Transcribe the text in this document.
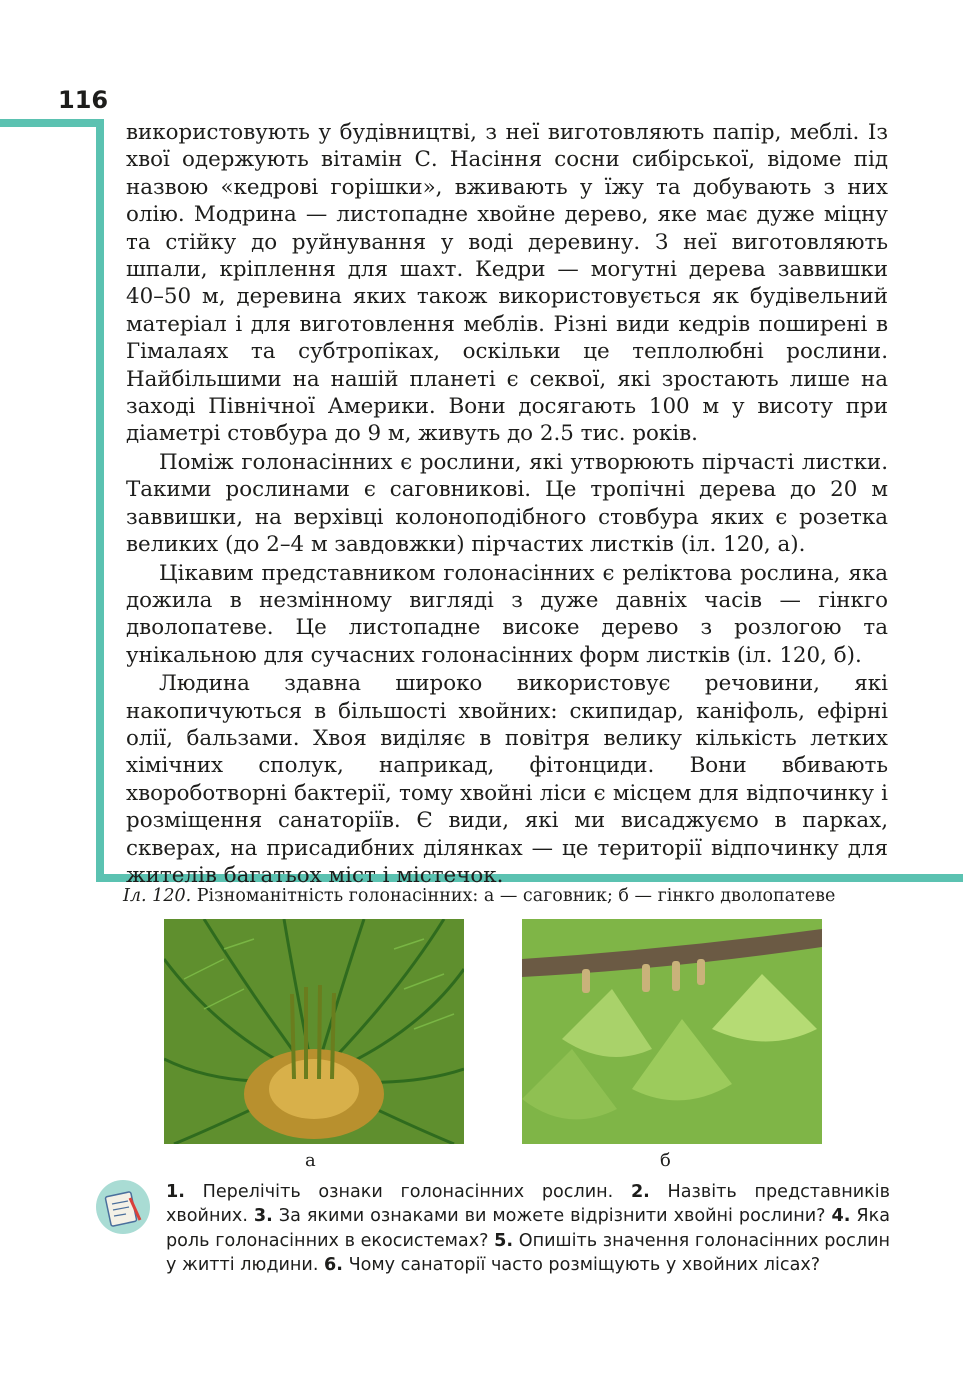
116

використовують у будівництві, з неї виготовляють папір, меблі. Із хвої одержують вітамін С. Насіння сосни сибірської, відоме під назвою «кедрові горішки», вживають у їжу та добувають з них олію. Модрина — листопадне хвойне дерево, яке має дуже міцну та стійку до руйнування у воді деревину. З неї виготовляють шпали, кріплення для шахт. Кедри — могутні дерева заввишки 40–50 м, деревина яких також використовується як будівельний матеріал і для виготовлення меблів. Різні види кедрів поширені в Гімалаях та субтропіках, оскільки це теплолюбні рослини. Найбільшими на нашій планеті є секвої, які зростають лише на заході Північної Америки. Вони досягають 100 м у висоту при діаметрі стовбура до 9 м, живуть до 2.5 тис. років.

Поміж голонасінних є рослини, які утворюють пірчасті листки. Такими рослинами є саговникові. Це тропічні дерева до 20 м заввишки, на верхівці колоноподібного стовбура яких є розетка великих (до 2–4 м завдовжки) пірчастих листків (іл. 120, а).

Цікавим представником голонасінних є реліктова рослина, яка дожила в незмінному вигляді з дуже давніх часів — гінкго дволопатеве. Це листопадне високе дерево з розлогою та унікальною для сучасних голонасінних форм листків (іл. 120, б).

Людина здавна широко використовує речовини, які накопичуються в більшості хвойних: скипидар, каніфоль, ефірні олії, бальзами. Хвоя виділяє в повітря велику кількість летких хімічних сполук, наприкад, фітонциди. Вони вбивають хвороботворні бактерії, тому хвойні ліси є місцем для відпочинку і розміщення санаторіїв. Є види, які ми висаджуємо в парках, скверах, на присадибних ділянках — це території відпочинку для жителів багатьох міст і містечок.

Іл. 120. Різноманітність голонасінних: а — саговник; б — гінкго дволопатеве
а	б
1. Перелічіть ознаки голонасінних рослин. 2. Назвіть представників хвойних. 3. За якими ознаками ви можете відрізнити хвойні рослини? 4. Яка роль голонасінних в екосистемах? 5. Опишіть значення голонасінних рослин у житті людини. 6. Чому санаторії часто розміщують у хвойних лісах?
